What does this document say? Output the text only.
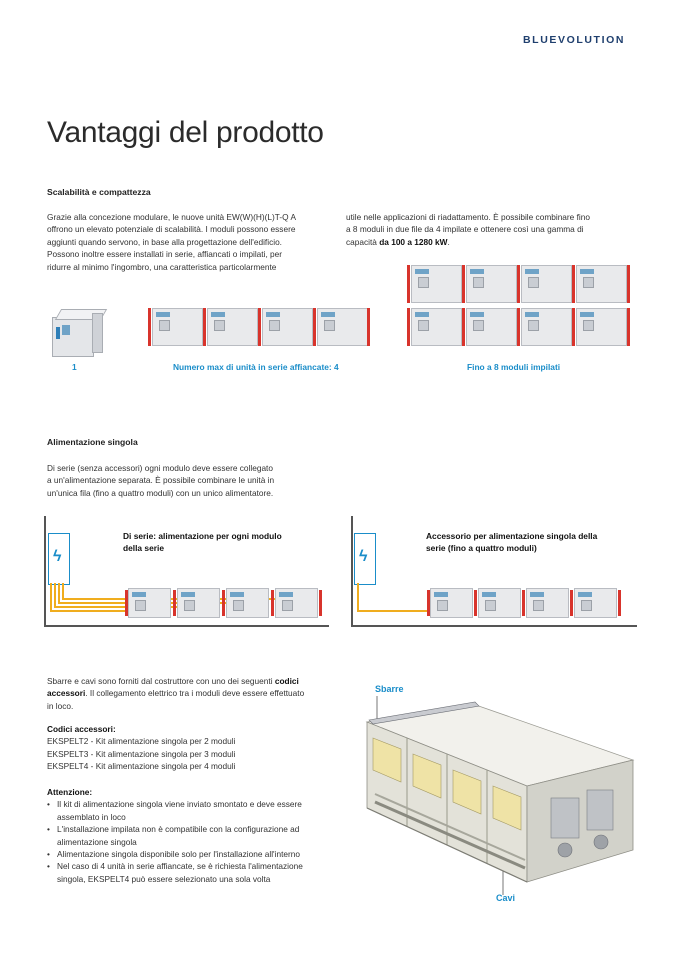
BLUEVOLUTION
Vantaggi del prodotto
Scalabilità e compattezza
Grazie alla concezione modulare, le nuove unità EW(W)(H)(L)T-Q A
offrono un elevato potenziale di scalabilità. I moduli possono essere
aggiunti quando servono, in base alla progettazione dell'edificio.
Possono inoltre essere installati in serie, affiancati o impilati, per
ridurre al minimo l'ingombro, una caratteristica particolarmente
utile nelle applicazioni di riadattamento. È possibile combinare fino
a 8 moduli in due file da 4 impilate e ottenere così una gamma di
capacità da 100 a 1280 kW.
1	Numero max di unità in serie affiancate: 4	Fino a 8 moduli impilati
Alimentazione singola
Di serie (senza accessori) ogni modulo deve essere collegato
a un'alimentazione separata. È possibile combinare le unità in
un'unica fila (fino a quattro moduli) con un unico alimentatore.
ϟ
Di serie: alimentazione per ogni modulo
della serie	ϟ
Accessorio per alimentazione singola della
serie (fino a quattro moduli)
Sbarre e cavi sono forniti dal costruttore con uno dei seguenti codici
accessori. Il collegamento elettrico tra i moduli deve essere effettuato
in loco.
Codici accessori:
EKSPELT2 - Kit alimentazione singola per 2 moduli
EKSPELT3 - Kit alimentazione singola per 3 moduli
EKSPELT4 - Kit alimentazione singola per 4 moduli
Attenzione:
• Il kit di alimentazione singola viene inviato smontato e deve essere
assemblato in loco
• L'installazione impilata non è compatibile con la configurazione ad
alimentazione singola
• Alimentazione singola disponibile solo per l'installazione all'interno
• Nel caso di 4 unità in serie affiancate, se è richiesta l'alimentazione
singola, EKSPELT4 può essere selezionato una sola volta
Sbarre
Cavi
